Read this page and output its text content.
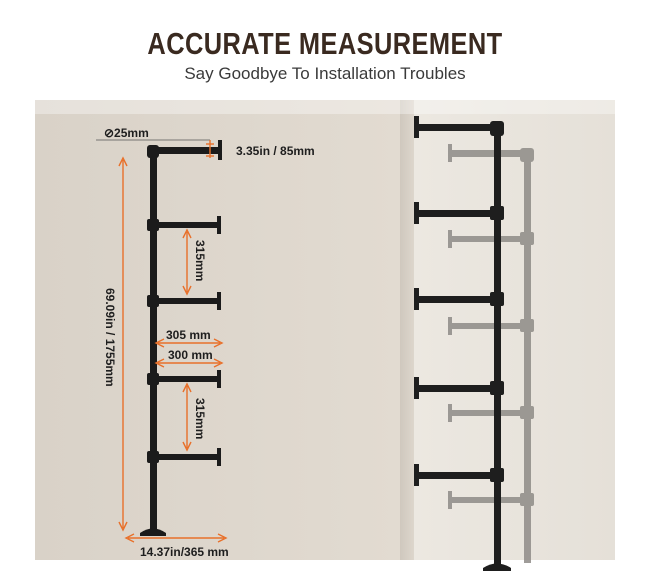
ACCURATE MEASUREMENT
Say Goodbye To Installation Troubles
⊘25mm
3.35in / 85mm
315mm
315mm
69.09in / 1755mm	305 mm
300 mm
14.37in/365 mm
